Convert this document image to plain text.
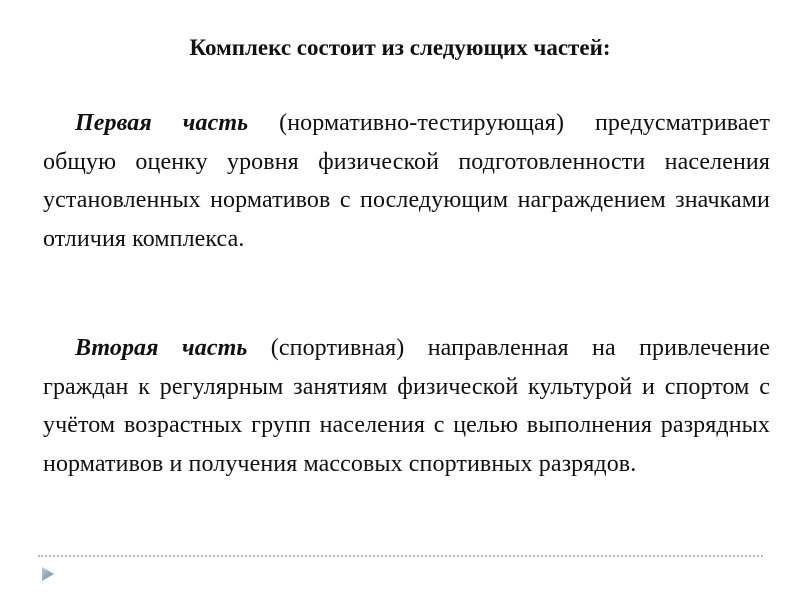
Комплекс состоит из следующих частей:

Первая часть (нормативно-тестирующая) предусматривает общую оценку уровня физической подготовленности населения установленных нормативов с последующим награждением значками отличия комплекса.

Вторая часть (спортивная) направленная на привлечение граждан к регулярным занятиям физической культурой и спортом с учётом возрастных групп населения с целью выполнения разрядных нормативов и получения массовых спортивных разрядов.
